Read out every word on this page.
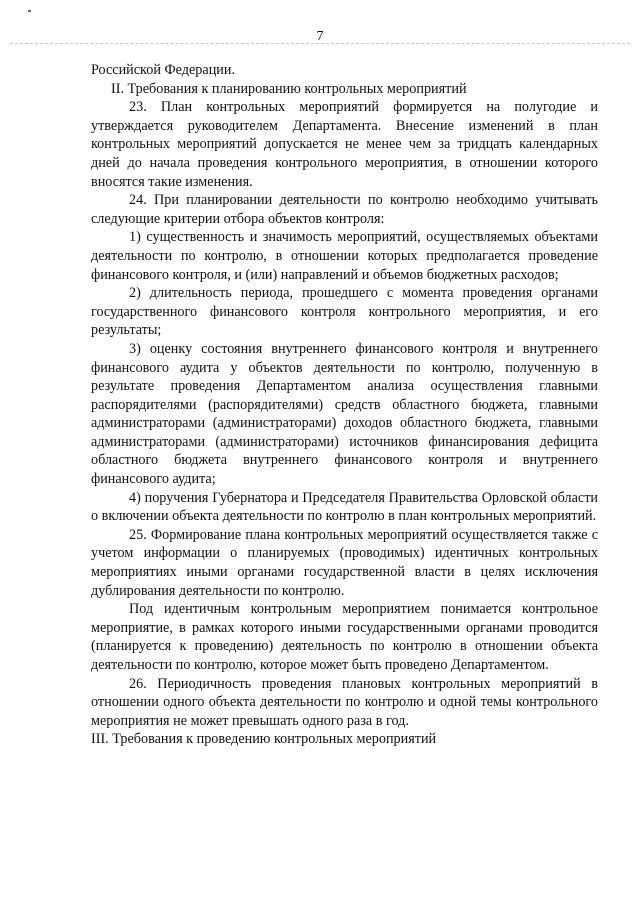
7

Российской Федерации.

II. Требования к планированию контрольных мероприятий

23. План контрольных мероприятий формируется на полугодие и утверждается руководителем Департамента. Внесение изменений в план контрольных мероприятий допускается не менее чем за тридцать календарных дней до начала проведения контрольного мероприятия, в отношении которого вносятся такие изменения.

24. При планировании деятельности по контролю необходимо учитывать следующие критерии отбора объектов контроля:

1) существенность и значимость мероприятий, осуществляемых объектами деятельности по контролю, в отношении которых предполагается проведение финансового контроля, и (или) направлений и объемов бюджетных расходов;

2) длительность периода, прошедшего с момента проведения органами государственного финансового контроля контрольного мероприятия, и его результаты;

3) оценку состояния внутреннего финансового контроля и внутреннего финансового аудита у объектов деятельности по контролю, полученную в результате проведения Департаментом анализа осуществления главными распорядителями (распорядителями) средств областного бюджета, главными администраторами (администраторами) доходов областного бюджета, главными администраторами (администраторами) источников финансирования дефицита областного бюджета внутреннего финансового контроля и внутреннего финансового аудита;

4) поручения Губернатора и Председателя Правительства Орловской области о включении объекта деятельности по контролю в план контрольных мероприятий.

25. Формирование плана контрольных мероприятий осуществляется также с учетом информации о планируемых (проводимых) идентичных контрольных мероприятиях иными органами государственной власти в целях исключения дублирования деятельности по контролю.

Под идентичным контрольным мероприятием понимается контрольное мероприятие, в рамках которого иными государственными органами проводится (планируется к проведению) деятельность по контролю в отношении объекта деятельности по контролю, которое может быть проведено Департаментом.

26. Периодичность проведения плановых контрольных мероприятий в отношении одного объекта деятельности по контролю и одной темы контрольного мероприятия не может превышать одного раза в год.

III. Требования к проведению контрольных мероприятий
